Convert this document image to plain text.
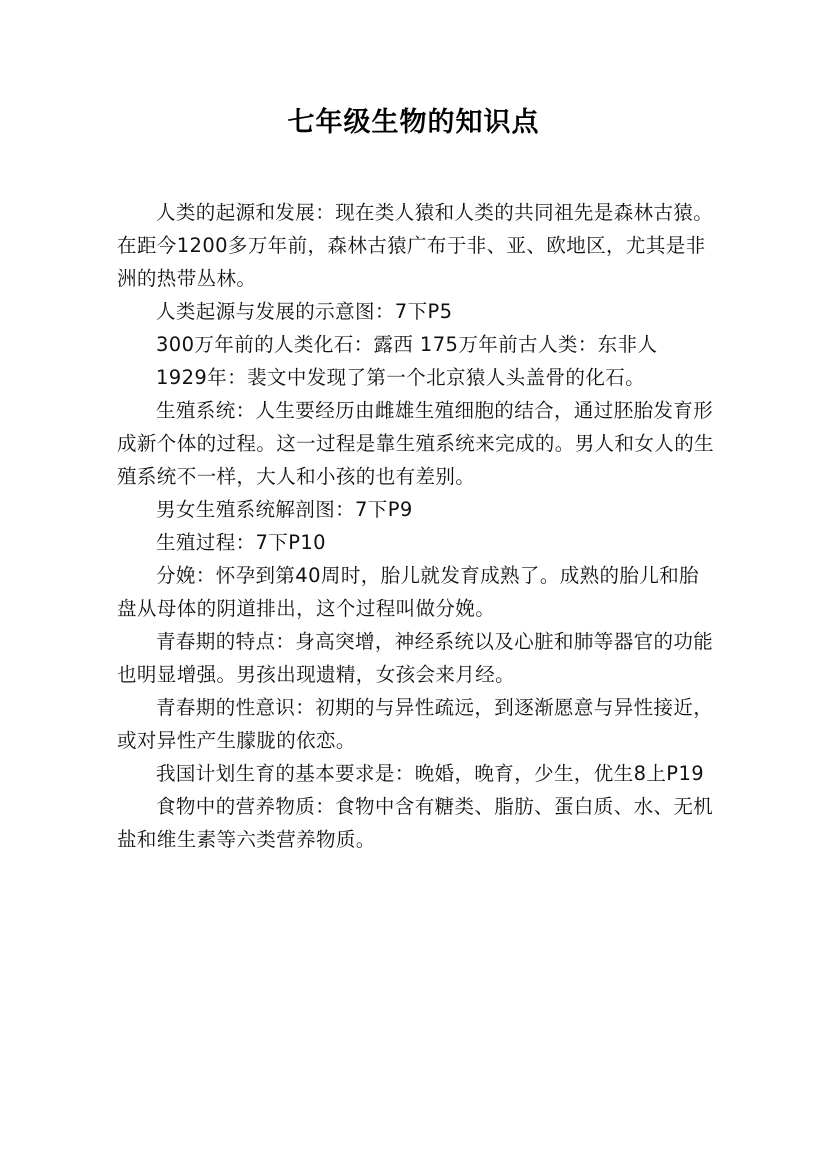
七年级生物的知识点

人类的起源和发展：现在类人猿和人类的共同祖先是森林古猿。在距今1200多万年前，森林古猿广布于非、亚、欧地区，尤其是非洲的热带丛林。

人类起源与发展的示意图：7下P5

300万年前的人类化石：露西 175万年前古人类：东非人

1929年：裴文中发现了第一个北京猿人头盖骨的化石。

生殖系统：人生要经历由雌雄生殖细胞的结合，通过胚胎发育形成新个体的过程。这一过程是靠生殖系统来完成的。男人和女人的生殖系统不一样，大人和小孩的也有差别。

男女生殖系统解剖图：7下P9

生殖过程：7下P10

分娩：怀孕到第40周时，胎儿就发育成熟了。成熟的胎儿和胎盘从母体的阴道排出，这个过程叫做分娩。

青春期的特点：身高突增，神经系统以及心脏和肺等器官的功能也明显增强。男孩出现遗精，女孩会来月经。

青春期的性意识：初期的与异性疏远，到逐渐愿意与异性接近，或对异性产生朦胧的依恋。

我国计划生育的基本要求是：晚婚，晚育，少生，优生8上P19

食物中的营养物质：食物中含有糖类、脂肪、蛋白质、水、无机盐和维生素等六类营养物质。
